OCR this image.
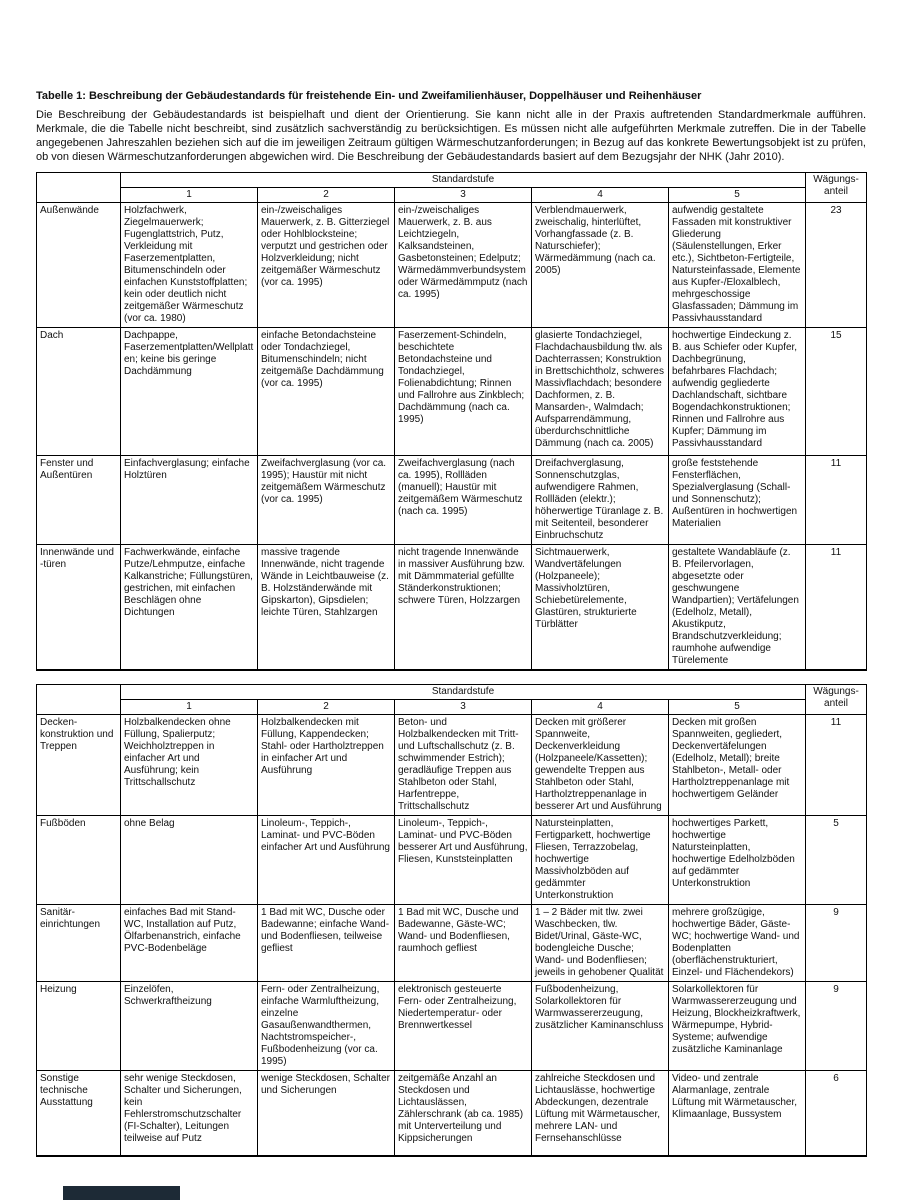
Tabelle 1: Beschreibung der Gebäudestandards für freistehende Ein- und Zweifamilienhäuser, Doppelhäuser und Reihenhäuser
Die Beschreibung der Gebäudestandards ist beispielhaft und dient der Orientierung. Sie kann nicht alle in der Praxis auftretenden Standardmerkmale aufführen. Merkmale, die die Tabelle nicht beschreibt, sind zusätzlich sachverständig zu berücksichtigen. Es müssen nicht alle aufgeführten Merkmale zutreffen. Die in der Tabelle angegebenen Jahreszahlen beziehen sich auf die im jeweiligen Zeitraum gültigen Wärmeschutzanforderungen; in Bezug auf das konkrete Bewertungsobjekt ist zu prüfen, ob von diesen Wärmeschutzanforderungen abgewichen wird. Die Beschreibung der Gebäudestandards basiert auf dem Bezugsjahr der NHK (Jahr 2010).
	Standardstufe					Wägungs-
anteil

	1	2	3	4	5	
Außenwände	Holzfachwerk, Ziegelmauerwerk; Fugenglattstrich, Putz, Verkleidung mit Faserzementplatten, Bitumenschindeln oder einfachen Kunststoffplatten; kein oder deutlich nicht zeitgemäßer Wärmeschutz (vor ca. 1980)	ein-/zweischaliges Mauerwerk, z. B. Gitterziegel oder Hohlblocksteine; verputzt und gestrichen oder Holzverkleidung; nicht zeitgemäßer Wärmeschutz (vor ca. 1995)	ein-/zweischaliges Mauerwerk, z. B. aus Leichtziegeln, Kalksandsteinen, Gasbetonsteinen; Edelputz; Wärmedämmverbundsystem oder Wärmedämmputz (nach ca. 1995)	Verblendmauerwerk, zweischalig, hinterlüftet, Vorhangfassade (z. B. Naturschiefer); Wärmedämmung (nach ca. 2005)	aufwendig gestaltete Fassaden mit konstruktiver Gliederung (Säulenstellungen, Erker etc.), Sichtbeton-Fertigteile, Natursteinfassade, Elemente aus Kupfer-/Eloxalblech, mehrgeschossige Glasfassaden; Dämmung im Passivhausstandard	23
Dach	Dachpappe, Faserzementplatten/Wellplatten; keine bis geringe Dachdämmung	einfache Betondachsteine oder Tondachziegel, Bitumenschindeln; nicht zeitgemäße Dachdämmung (vor ca. 1995)	Faserzement-Schindeln, beschichtete Betondachsteine und Tondachziegel, Folienabdichtung; Rinnen und Fallrohre aus Zinkblech; Dachdämmung (nach ca. 1995)	glasierte Tondachziegel, Flachdachausbildung tlw. als Dachterrassen; Konstruktion in Brettschichtholz, schweres Massivflachdach; besondere Dachformen, z. B. Mansarden-, Walmdach; Aufsparrendämmung, überdurchschnittliche Dämmung (nach ca. 2005)	hochwertige Eindeckung z. B. aus Schiefer oder Kupfer, Dachbegrünung, befahrbares Flachdach; aufwendig gegliederte Dachlandschaft, sichtbare Bogendachkonstruktionen; Rinnen und Fallrohre aus Kupfer; Dämmung im Passivhausstandard	15
Fenster und Außentüren	Einfachverglasung; einfache Holztüren	Zweifachverglasung (vor ca. 1995); Haustür mit nicht zeitgemäßem Wärmeschutz (vor ca. 1995)	Zweifachverglasung (nach ca. 1995), Rollläden (manuell); Haustür mit zeitgemäßem Wärmeschutz (nach ca. 1995)	Dreifachverglasung, Sonnenschutzglas, aufwendigere Rahmen, Rollläden (elektr.); höherwertige Türanlage z. B. mit Seitenteil, besonderer Einbruchschutz	große feststehende Fensterflächen, Spezialverglasung (Schall- und Sonnenschutz); Außentüren in hochwertigen Materialien	11
Innenwände und -türen	Fachwerkwände, einfache Putze/Lehmputze, einfache Kalkanstriche; Füllungstüren, gestrichen, mit einfachen Beschlägen ohne Dichtungen	massive tragende Innenwände, nicht tragende Wände in Leichtbauweise (z. B. Holzständerwände mit Gipskarton), Gipsdielen; leichte Türen, Stahlzargen	nicht tragende Innenwände in massiver Ausführung bzw. mit Dämmmaterial gefüllte Ständerkonstruktionen; schwere Türen, Holzzargen	Sichtmauerwerk, Wandvertäfelungen (Holzpaneele); Massivholztüren, Schiebetürelemente, Glastüren, strukturierte Türblätter	gestaltete Wandabläufe (z. B. Pfeilervorlagen, abgesetzte oder geschwungene Wandpartien); Vertäfelungen (Edelholz, Metall), Akustikputz, Brandschutzverkleidung; raumhohe aufwendige Türelemente	11
	Standardstufe					Wägungs-
anteil

	1	2	3	4	5	
Decken-konstruktion und Treppen	Holzbalkendecken ohne Füllung, Spalierputz; Weichholztreppen in einfacher Art und Ausführung; kein Trittschallschutz	Holzbalkendecken mit Füllung, Kappendecken; Stahl- oder Hartholztreppen in einfacher Art und Ausführung	Beton- und Holzbalkendecken mit Tritt- und Luftschallschutz (z. B. schwimmender Estrich); geradläufige Treppen aus Stahlbeton oder Stahl, Harfentreppe, Trittschallschutz	Decken mit größerer Spannweite, Deckenverkleidung (Holzpaneele/Kassetten); gewendelte Treppen aus Stahlbeton oder Stahl, Hartholztreppenanlage in besserer Art und Ausführung	Decken mit großen Spannweiten, gegliedert, Deckenvertäfelungen (Edelholz, Metall); breite Stahlbeton-, Metall- oder Hartholztreppenanlage mit hochwertigem Geländer	11
Fußböden	ohne Belag	Linoleum-, Teppich-, Laminat- und PVC-Böden einfacher Art und Ausführung	Linoleum-, Teppich-, Laminat- und PVC-Böden besserer Art und Ausführung, Fliesen, Kunststeinplatten	Natursteinplatten, Fertigparkett, hochwertige Fliesen, Terrazzobelag, hochwertige Massivholzböden auf gedämmter Unterkonstruktion	hochwertiges Parkett, hochwertige Natursteinplatten, hochwertige Edelholzböden auf gedämmter Unterkonstruktion	5
Sanitär-einrichtungen	einfaches Bad mit Stand-WC, Installation auf Putz, Ölfarbenanstrich, einfache PVC-Bodenbeläge	1 Bad mit WC, Dusche oder Badewanne; einfache Wand- und Bodenfliesen, teilweise gefliest	1 Bad mit WC, Dusche und Badewanne, Gäste-WC; Wand- und Bodenfliesen, raumhoch gefliest	1 – 2 Bäder mit tlw. zwei Waschbecken, tlw. Bidet/Urinal, Gäste-WC, bodengleiche Dusche; Wand- und Bodenfliesen; jeweils in gehobener Qualität	mehrere großzügige, hochwertige Bäder, Gäste-WC; hochwertige Wand- und Bodenplatten (oberflächenstrukturiert, Einzel- und Flächendekors)	9
Heizung	Einzelöfen, Schwerkraftheizung	Fern- oder Zentralheizung, einfache Warmluftheizung, einzelne Gasaußenwandthermen, Nachtstromspeicher-, Fußbodenheizung (vor ca. 1995)	elektronisch gesteuerte Fern- oder Zentralheizung, Niedertemperatur- oder Brennwertkessel	Fußbodenheizung, Solarkollektoren für Warmwassererzeugung, zusätzlicher Kaminanschluss	Solarkollektoren für Warmwassererzeugung und Heizung, Blockheizkraftwerk, Wärmepumpe, Hybrid-Systeme; aufwendige zusätzliche Kaminanlage	9
Sonstige technische Ausstattung	sehr wenige Steckdosen, Schalter und Sicherungen, kein Fehlerstromschutzschalter (FI-Schalter), Leitungen teilweise auf Putz	wenige Steckdosen, Schalter und Sicherungen	zeitgemäße Anzahl an Steckdosen und Lichtauslässen, Zählerschrank (ab ca. 1985) mit Unterverteilung und Kippsicherungen	zahlreiche Steckdosen und Lichtauslässe, hochwertige Abdeckungen, dezentrale Lüftung mit Wärmetauscher, mehrere LAN- und Fernsehanschlüsse	Video- und zentrale Alarmanlage, zentrale Lüftung mit Wärmetauscher, Klimaanlage, Bussystem	6
